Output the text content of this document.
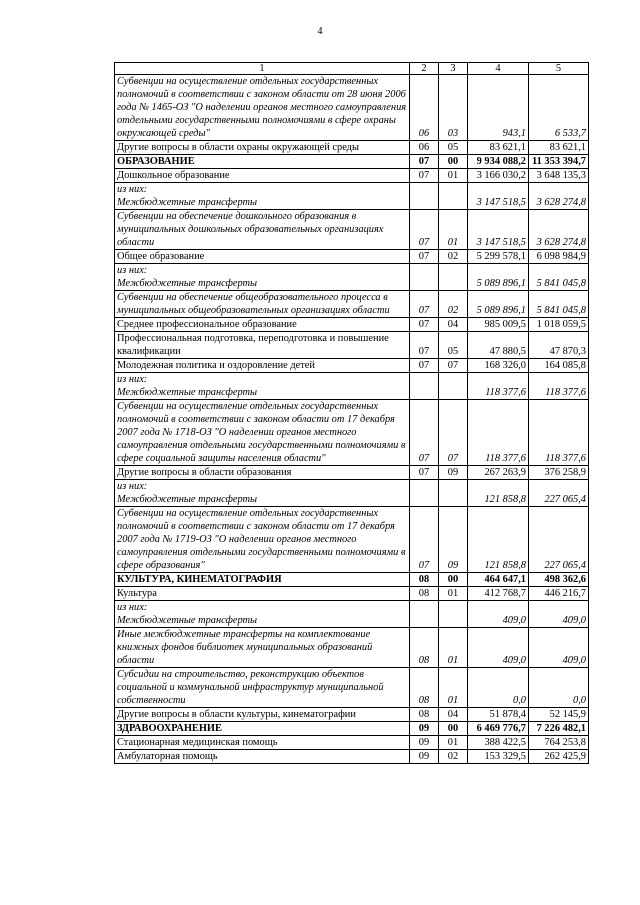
4
1	2	3	4	5
Субвенции на осуществление отдельных государственных полномочий в соответствии с законом области от 28 июня 2006 года № 1465-ОЗ "О наделении органов местного самоуправления отдельными государственными полномочиями в сфере охраны окружающей среды"	06	03	943,1	6 533,7
Другие вопросы в области охраны окружающей среды	06	05	83 621,1	83 621,1
ОБРАЗОВАНИЕ	07	00	9 934 088,2	11 353 394,7
Дошкольное образование	07	01	3 166 030,2	3 648 135,3
из них:				
Межбюджетные трансферты			3 147 518,5	3 628 274,8
Субвенции на обеспечение дошкольного образования в муниципальных дошкольных образовательных организациях области	07	01	3 147 518,5	3 628 274,8
Общее образование	07	02	5 299 578,1	6 098 984,9
из них:				
Межбюджетные трансферты			5 089 896,1	5 841 045,8
Субвенции на обеспечение общеобразовательного процесса в муниципальных общеобразовательных организациях области	07	02	5 089 896,1	5 841 045,8
Среднее профессиональное образование	07	04	985 009,5	1 018 059,5
Профессиональная подготовка, переподготовка и повышение квалификации	07	05	47 880,5	47 870,3
Молодежная политика и оздоровление детей	07	07	168 326,0	164 085,8
из них:				
Межбюджетные трансферты			118 377,6	118 377,6
Субвенции на осуществление отдельных государственных полномочий в соответствии с законом области от 17 декабря 2007 года № 1718-ОЗ "О наделении органов местного самоуправления отдельными государственными полномочиями в сфере социальной защиты населения области"	07	07	118 377,6	118 377,6
Другие вопросы в области образования	07	09	267 263,9	376 258,9
из них:				
Межбюджетные трансферты			121 858,8	227 065,4
Субвенции на осуществление отдельных государственных полномочий в соответствии с законом области от 17 декабря 2007 года № 1719-ОЗ "О наделении органов местного самоуправления отдельными государственными полномочиями в сфере образования"	07	09	121 858,8	227 065,4
КУЛЬТУРА, КИНЕМАТОГРАФИЯ	08	00	464 647,1	498 362,6
Культура	08	01	412 768,7	446 216,7
из них:				
Межбюджетные трансферты			409,0	409,0
Иные межбюджетные трансферты на комплектование книжных фондов библиотек муниципальных образований области	08	01	409,0	409,0
Субсидии на строительство, реконструкцию объектов социальной и коммунальной инфраструктур муниципальной собственности	08	01	0,0	0,0
Другие вопросы в области культуры, кинематографии	08	04	51 878,4	52 145,9
ЗДРАВООХРАНЕНИЕ	09	00	6 469 776,7	7 226 482,1
Стационарная медицинская помощь	09	01	388 422,5	764 253,8
Амбулаторная помощь	09	02	153 329,5	262 425,9
